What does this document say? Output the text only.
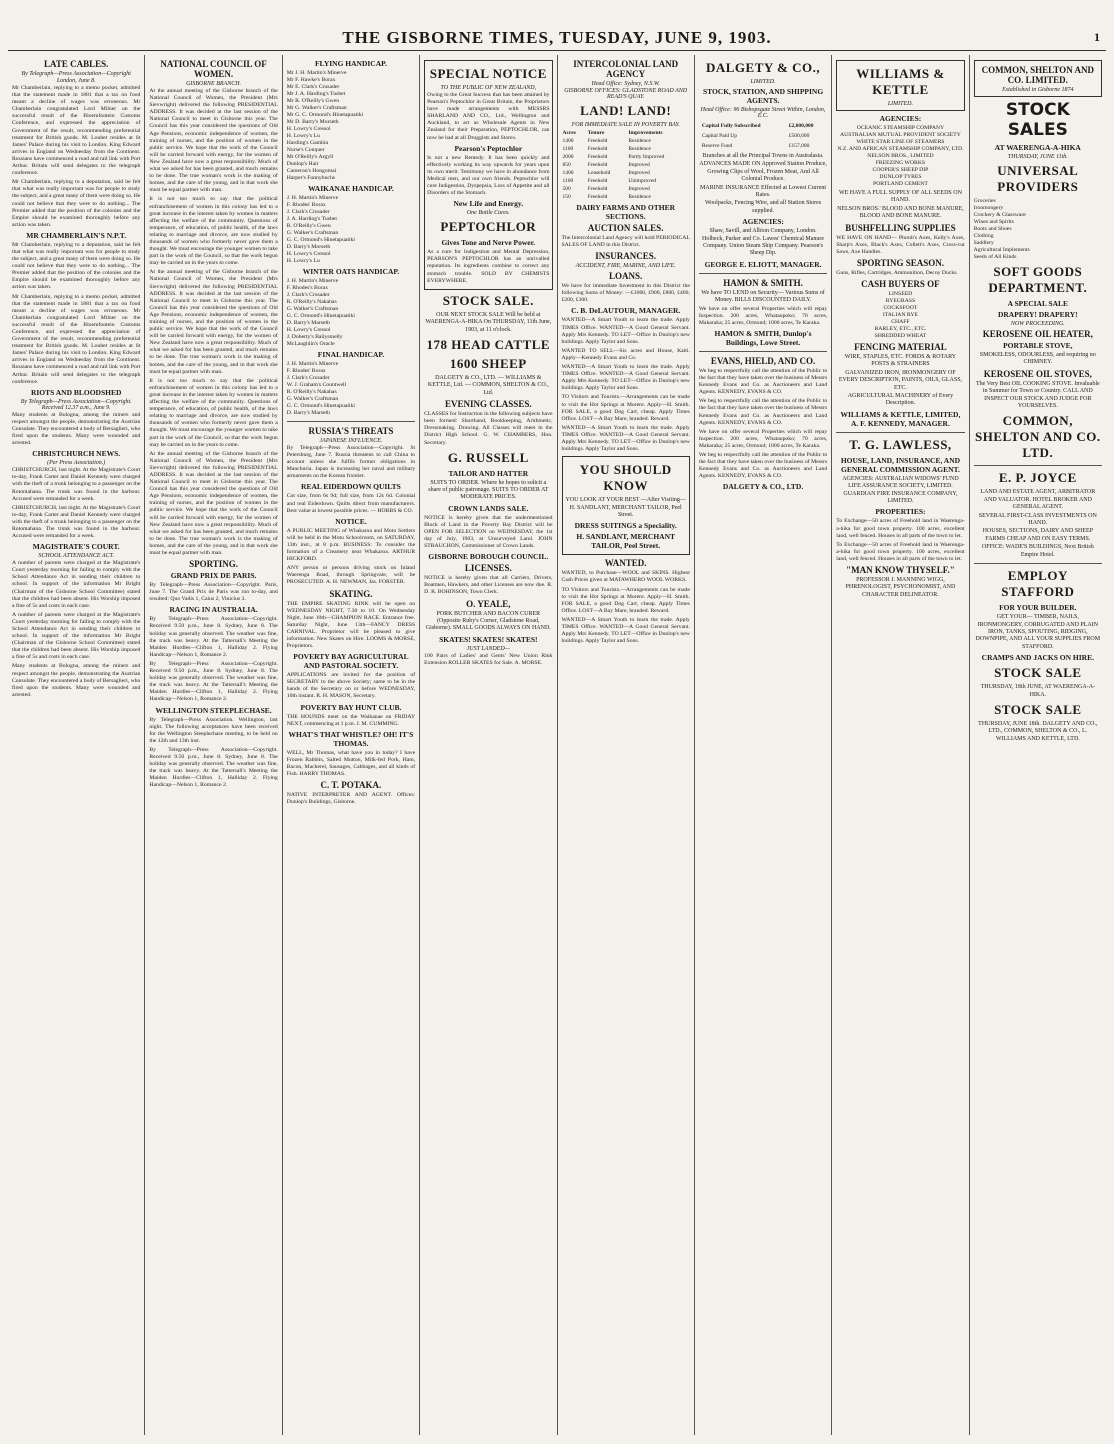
THE GISBORNE TIMES, TUESDAY, JUNE 9, 1903.	1
LATE CABLES.
By Telegraph—Press Association—Copyright
London, June 8.

Mr Chamberlain, replying to a memo pocket, admitted that the statement made in 1881 that a tax on food meant a decline of wages was erroneous. Mr Chamberlain congratulated Lord Milner on the successful result of the Bloemfontein Customs Conference, and expressed the appreciation of Government of the result, recommending preferential treatment for British goods. M. Loubet resides at St James' Palace during his visit to London. King Edward arrives in England on Wednesday from the Continent. Russians have commenced a road and rail link with Port Arthur. Britain will send delegates to the telegraph conference.

Mr Chamberlain, replying to a deputation, said he felt that what was really important was for people to study the subject, and a great many of them were doing so. He could not believe that they were to do nothing... The Premier added that the position of the colonies and the Empire should be examined thoroughly before any action was taken.

MR CHAMBERLAIN'S N.P.T.

Mr Chamberlain, replying to a deputation, said he felt that what was really important was for people to study the subject, and a great many of them were doing so. He could not believe that they were to do nothing... The Premier added that the position of the colonies and the Empire should be examined thoroughly before any action was taken.

Mr Chamberlain, replying to a memo pocket, admitted that the statement made in 1881 that a tax on food meant a decline of wages was erroneous. Mr Chamberlain congratulated Lord Milner on the successful result of the Bloemfontein Customs Conference, and expressed the appreciation of Government of the result, recommending preferential treatment for British goods. M. Loubet resides at St James' Palace during his visit to London. King Edward arrives in England on Wednesday from the Continent. Russians have commenced a road and rail link with Port Arthur. Britain will send delegates to the telegraph conference.

RIOTS AND BLOODSHED
By Telegraph—Press Association—Copyright. Received 12.37 a.m., June 9.

Many students at Bologna, among the miners and respect amongst the people, demonstrating the Austrian Consulate. They encountered a body of Bersaglieri, who fired upon the students. Many were wounded and arrested.

CHRISTCHURCH NEWS.
(Per Press Association.)

CHRISTCHURCH, last night. At the Magistrate's Court to-day, Frank Carter and Daniel Kennedy were charged with the theft of a trunk belonging to a passenger on the Rotomahana. The trunk was found in the harbour. Accused were remanded for a week.

CHRISTCHURCH, last night. At the Magistrate's Court to-day, Frank Carter and Daniel Kennedy were charged with the theft of a trunk belonging to a passenger on the Rotomahana. The trunk was found in the harbour. Accused were remanded for a week.

MAGISTRATE'S COURT.
SCHOOL ATTENDANCE ACT.

A number of parents were charged at the Magistrate's Court yesterday morning for failing to comply with the School Attendance Act in sending their children to school. In support of the information Mr Bright (Chairman of the Gisborne School Committee) stated that the children had been absent. His Worship imposed a fine of 5s and costs in each case.

A number of parents were charged at the Magistrate's Court yesterday morning for failing to comply with the School Attendance Act in sending their children to school. In support of the information Mr Bright (Chairman of the Gisborne School Committee) stated that the children had been absent. His Worship imposed a fine of 5s and costs in each case.

Many students at Bologna, among the miners and respect amongst the people, demonstrating the Austrian Consulate. They encountered a body of Bersaglieri, who fired upon the students. Many were wounded and arrested.

NATIONAL COUNCIL OF WOMEN.
GISBORNE BRANCH.

At the annual meeting of the Gisborne branch of the National Council of Women, the President (Mrs Sievwright) delivered the following PRESIDENTIAL ADDRESS. It was decided at the last session of the National Council to meet in Gisborne this year. The Council has this year considered the questions of Old Age Pensions, economic independence of women, the training of nurses, and the position of women in the public service. We hope that the work of the Council will be carried forward with energy, for the women of New Zealand have now a great responsibility. Much of what we asked for has been granted, and much remains to be done. The true woman's work is the making of homes, and the care of the young, and in that work she must be equal partner with man.

It is not too much to say that the political enfranchisement of women in this colony has led to a great increase in the interest taken by women in matters affecting the welfare of the community. Questions of temperance, of education, of public health, of the laws relating to marriage and divorce, are now studied by thousands of women who formerly never gave them a thought. We must encourage the younger women to take part in the work of the Council, so that the work begun may be carried on in the years to come.

At the annual meeting of the Gisborne branch of the National Council of Women, the President (Mrs Sievwright) delivered the following PRESIDENTIAL ADDRESS. It was decided at the last session of the National Council to meet in Gisborne this year. The Council has this year considered the questions of Old Age Pensions, economic independence of women, the training of nurses, and the position of women in the public service. We hope that the work of the Council will be carried forward with energy, for the women of New Zealand have now a great responsibility. Much of what we asked for has been granted, and much remains to be done. The true woman's work is the making of homes, and the care of the young, and in that work she must be equal partner with man.

It is not too much to say that the political enfranchisement of women in this colony has led to a great increase in the interest taken by women in matters affecting the welfare of the community. Questions of temperance, of education, of public health, of the laws relating to marriage and divorce, are now studied by thousands of women who formerly never gave them a thought. We must encourage the younger women to take part in the work of the Council, so that the work begun may be carried on in the years to come.

At the annual meeting of the Gisborne branch of the National Council of Women, the President (Mrs Sievwright) delivered the following PRESIDENTIAL ADDRESS. It was decided at the last session of the National Council to meet in Gisborne this year. The Council has this year considered the questions of Old Age Pensions, economic independence of women, the training of nurses, and the position of women in the public service. We hope that the work of the Council will be carried forward with energy, for the women of New Zealand have now a great responsibility. Much of what we asked for has been granted, and much remains to be done. The true woman's work is the making of homes, and the care of the young, and in that work she must be equal partner with man.

SPORTING.
GRAND PRIX DE PARIS.

By Telegraph—Press Association—Copyright. Paris, June 7. The Grand Prix de Paris was run to-day, and resulted: Quo Vadis 1, Caius 2, Vinicius 3.

RACING IN AUSTRALIA.

By Telegraph—Press Association—Copyright. Received 9.50 p.m., June 8. Sydney, June 8. The holiday was generally observed. The weather was fine, the track was heavy. At the Tattersall's Meeting the Maiden Hurdles—Clifton 1, Halliday 2. Flying Handicap—Nelson 1, Romance 2.

By Telegraph—Press Association—Copyright. Received 9.50 p.m., June 8. Sydney, June 8. The holiday was generally observed. The weather was fine, the track was heavy. At the Tattersall's Meeting the Maiden Hurdles—Clifton 1, Halliday 2. Flying Handicap—Nelson 1, Romance 2.

WELLINGTON STEEPLECHASE.

By Telegraph—Press Association. Wellington, last night. The following acceptances have been received for the Wellington Steeplechase meeting, to be held on the 12th and 13th inst.

By Telegraph—Press Association—Copyright. Received 9.50 p.m., June 8. Sydney, June 8. The holiday was generally observed. The weather was fine, the track was heavy. At the Tattersall's Meeting the Maiden Hurdles—Clifton 1, Halliday 2. Flying Handicap—Nelson 1, Romance 2.

FLYING HANDICAP.
Mr J. H. Martin's Minerve
Mr F. Hawke's Borax
Mr E. Clark's Crusader
Mr J. A. Harding's Tusbet
Mr R. O'Reilly's Gwen
Mr G. Walker's Craftsman
Mr G. C. Ormond's Hinetapuatiki
Mr D. Barry's Morseth
H. Lowry's Cressol
H. Lowry's Lu
Harding's Gambia
Nurse's Conquer
Mr O'Reilly's Argyll
Dunlop's Hair
Cameron's Hongomai
Harper's Funnybuchs
WAIKANAE HANDICAP.
J. H. Martin's Minerve
F. Rhodes' Borax
J. Clark's Crusader
J. A. Harding's Tusbet
R. O'Reilly's Gwen
G. Walker's Craftsman
G. C. Ormond's Hinetapuatiki
D. Barry's Morseth
H. Lowry's Cressol
H. Lowry's Lu
WINTER OATS HANDICAP.
J. H. Martin's Minerve
F. Rhodes's Borax
J. Clark's Crusader
R. O'Reilly's Nakahas
G. Walker's Craftsman
G. C. Ormond's Hinetapuatiki
D. Barry's Marseth
H. Lowry's Cressol
J. Doherty's Bailysmelly
McLaughlin's Oracle
FINAL HANDICAP.
J. H. Martin's Minerve
F. Rhodes' Borax
J. Clark's Crusader
W. J. Graham's Countwell
R. O'Reilly's Nakahas
G. Walker's Craftsman
G. C. Ormond's Hinetapuatiki
D. Barry's Marseth
RUSSIA'S THREATS
JAPANESE INFLUENCE.

By Telegraph—Press Association—Copyright. St Petersburg, June 7. Russia threatens to call China to account unless she fulfils former obligations in Manchuria. Japan is increasing her naval and military armaments on the Korean frontier.

REAL EIDERDOWN QUILTS

Cot size, from 6s 9d; full size, from 12s 6d. Colonial and real Eiderdown. Quilts direct from manufacturers. Best value at lowest possible prices. — HOBBS & CO.

NOTICE.

A PUBLIC MEETING of Whakaroa and Motu Settlers will be held in the Motu Schoolroom, on SATURDAY, 13th inst., at 8 p.m. BUSINESS: To consider the formation of a Creamery near Whakaroa. ARTHUR HICKFORD.

ANY person or persons driving stock on Inland Waerenga Road, through Springvale, will be PROSECUTED. A. H. NEWMAN, Jas. FORSTER.

SKATING.

THE EMPIRE SKATING RINK will be open on WEDNESDAY NIGHT, 7.30 to 10. On Wednesday Night, June 10th—CHAMPION RACE. Entrance free. Saturday Night, June 13th—FANCY DRESS CARNIVAL. Proprietor will be pleased to give information. New Skates on Hire. LOOMS & MORSE, Proprietors.

POVERTY BAY AGRICULTURAL AND PASTORAL SOCIETY.

APPLICATIONS are invited for the position of SECRETARY to the above Society; same to be in the hands of the Secretary on or before WEDNESDAY, 10th instant. R. H. MASON, Secretary.

POVERTY BAY HUNT CLUB.

THE HOUNDS meet on the Waikanae on FRIDAY NEXT, commencing at 1 p.m. J. M. CUMMING.

WHAT'S THAT WHISTLE? OH! IT'S THOMAS.

WELL, Mr Thomas, what have you in today? I have Frozen Rabbits, Salted Mutton, Milk-fed Pork, Ham, Bacon, Mackerel, Sausages, Cabbages, and all kinds of Fish. HARRY THOMAS.

C. T. POTAKA.

NATIVE INTERPRETER AND AGENT. Offices: Dunlop's Buildings, Gisborne.

SPECIAL NOTICE
TO THE PUBLIC OF NEW ZEALAND,

Owing to the Great Success that has been attained by Pearson's Peptochlor in Great Britain, the Proprietors have made arrangements with MESSRS SHARLAND AND CO., Ltd., Wellington and Auckland, to act as Wholesale Agents in New Zealand for their Preparation, PEPTOCHLOR, can now be had at all Druggists and Stores.

Pearson's Peptochlor

Is not a new Remedy. It has been quickly and effectively working its way upwards for years upon its own merit. Testimony we have in abundance from Medical men, and our own friends. Peptochlor will cure Indigestion, Dyspepsia, Loss of Appetite and all Disorders of the Stomach.

New Life and Energy.
One Bottle Cures.
PEPTOCHLOR
Gives Tone and Nerve Power.

As a cure for Indigestion and Mental Depression, PEARSON'S PEPTOCHLOR has an unrivalled reputation. Its ingredients combine to correct any stomach trouble. SOLD BY CHEMISTS EVERYWHERE.

STOCK SALE.

OUR NEXT STOCK SALE Will be held at WAERENGA-A-HIKA On THURSDAY, 11th June, 1903, at 11 o'clock.

178 HEAD CATTLE
1600 SHEEP

DALGETY & CO., LTD. — WILLIAMS & KETTLE, Ltd. — COMMON, SHELTON & CO., Ltd.

EVENING CLASSES.

CLASSES for Instruction in the following subjects have been formed: Shorthand, Bookkeeping, Arithmetic, Dressmaking, Drawing. All Classes will meet in the District High School. G. W. CHAMBERS, Hon. Secretary.

G. RUSSELL
TAILOR AND HATTER

SUITS TO ORDER. Where he hopes to solicit a share of public patronage. SUITS TO ORDER AT MODERATE PRICES.

CROWN LANDS SALE.

NOTICE is hereby given that the undermentioned Block of Land in the Poverty Bay District will be OPEN FOR SELECTION on WEDNESDAY, the 1st day of July, 1903, at Unsurveyed Land. JOHN STRAUCHON, Commissioner of Crown Lands.

GISBORNE BOROUGH COUNCIL.
LICENSES.

NOTICE is hereby given that all Carriers, Drivers, Boatmen, Hawkers, and other Licenses are now due. R. D. R. BOHINSON, Town Clerk.

O. YEALE,

PORK BUTCHER AND BACON CURER (Opposite Ruby's Corner, Gladstone Road, Gisborne). SMALL GOODS ALWAYS ON HAND.

SKATES! SKATES! SKATES!
JUST LANDED—

100 Pairs of Ladies' and Gents' New Union Rink Extension ROLLER SKATES for Sale. A. MORSE.

INTERCOLONIAL LAND AGENCY
Head Office: Sydney, N.S.W.
GISBORNE OFFICES: GLADSTONE ROAD AND READ'S QUAY.
LAND! LAND!
FOR IMMEDIATE SALE IN POVERTY BAY.
Acres	Tenure	Improvements
1400	Freehold	Residence
1100	Freehold	Residence
2000	Freehold	Partly Improved
850	Freehold	Improved
1400	Leasehold	Improved
1100	Freehold	Unimproved
500	Freehold	Improved
150	Freehold	Residence
DAIRY FARMS AND OTHER SECTIONS.
AUCTION SALES.

The Intercolonial Land Agency will hold PERIODICAL SALES OF LAND in this District.

INSURANCES.
ACCIDENT, FIRE, MARINE, AND LIFE.
LOANS.

We have for immediate Investment in this District the following Sums of Money: —£1000, £900, £800, £400, £200, £300.

C. B. DeLAUTOUR, MANAGER.

WANTED—A Smart Youth to learn the trade. Apply TIMES Office. WANTED—A Good General Servant. Apply Mrs Kennedy. TO LET—Office in Dunlop's new buildings. Apply Taylor and Sons.

WANTED TO SELL—Six acres and House, Kaiti. Apply—Kennedy Evans and Co.

WANTED—A Smart Youth to learn the trade. Apply TIMES Office. WANTED—A Good General Servant. Apply Mrs Kennedy. TO LET—Office in Dunlop's new buildings. Apply Taylor and Sons.

TO Visitors and Tourists.—Arrangements can be made to visit the Hot Springs at Morere. Apply—H. Smith. FOR SALE, a good Dog Cart, cheap. Apply Times Office. LOST—A Bay Mare, branded. Reward.

WANTED—A Smart Youth to learn the trade. Apply TIMES Office. WANTED—A Good General Servant. Apply Mrs Kennedy. TO LET—Office in Dunlop's new buildings. Apply Taylor and Sons.

YOU SHOULD KNOW

YOU LOOK AT YOUR BEST —After Visiting— H. SANDLANT, MERCHANT TAILOR, Peel Street.

DRESS SUITINGS a Speciality.
H. SANDLANT, MERCHANT TAILOR, Peel Street.
WANTED.

WANTED, to Purchase—WOOL and SKINS. Highest Cash Prices given at MATAWHERO WOOL WORKS.

TO Visitors and Tourists.—Arrangements can be made to visit the Hot Springs at Morere. Apply—H. Smith. FOR SALE, a good Dog Cart, cheap. Apply Times Office. LOST—A Bay Mare, branded. Reward.

WANTED—A Smart Youth to learn the trade. Apply TIMES Office. WANTED—A Good General Servant. Apply Mrs Kennedy. TO LET—Office in Dunlop's new buildings. Apply Taylor and Sons.

DALGETY & CO.,
LIMITED.
STOCK, STATION, AND SHIPPING AGENTS.
Head Office: 96 Bishopsgate Street Within, London, E.C.
Capital Fully Subscribed	£2,000,000
Capital Paid Up	£500,000
Reserve Fund	£157,000

Branches at all the Principal Towns in Australasia.

ADVANCES MADE ON Approved Station Produce, Growing Clips of Wool, Frozen Meat, And All Colonial Produce.

MARINE INSURANCE Effected at Lowest Current Rates.

Woolpacks, Fencing Wire, and all Station Stores supplied.

AGENCIES:

Shaw, Savill, and Albion Company, London. Holbeck, Parker and Co. Lawes' Chemical Manure Company. Union Steam Ship Company. Pearson's Sheep Dip.

GEORGE E. ELIOTT, MANAGER.
HAMON & SMITH.

We have TO LEND on Security— Various Sums of Money. BILLS DISCOUNTED DAILY.

We have on offer several Properties which will repay Inspection. 200 acres, Whataupoko; 70 acres, Makaraka; 25 acres, Ormond; 1000 acres, Te Karaka.

HAMON & SMITH, Dunlop's Buildings, Lowe Street.
EVANS, HIELD, AND CO.

We beg to respectfully call the attention of the Public to the fact that they have taken over the business of Messrs Kennedy Evans and Co. as Auctioneers and Land Agents. KENNEDY, EVANS & CO.

We beg to respectfully call the attention of the Public to the fact that they have taken over the business of Messrs Kennedy Evans and Co. as Auctioneers and Land Agents. KENNEDY, EVANS & CO.

We have on offer several Properties which will repay Inspection. 200 acres, Whataupoko; 70 acres, Makaraka; 25 acres, Ormond; 1000 acres, Te Karaka.

We beg to respectfully call the attention of the Public to the fact that they have taken over the business of Messrs Kennedy Evans and Co. as Auctioneers and Land Agents. KENNEDY, EVANS & CO.

DALGETY & CO., LTD.
WILLIAMS & KETTLE
LIMITED.
AGENCIES:
OCEANIC STEAMSHIP COMPANY
AUSTRALIAN MUTUAL PROVIDENT SOCIETY
WHITE STAR LINE OF STEAMERS
N.Z. AND AFRICAN STEAMSHIP COMPANY, LTD.
NELSON BROS., LIMITED
FREEZING WORKS
COOPER'S SHEEP DIP
DUNLOP TYRES
PORTLAND CEMENT

WE HAVE A FULL SUPPLY OF ALL SEEDS ON HAND.

NELSON BROS.' BLOOD AND BONE MANURE, BLOOD AND BONE MANURE.

BUSHFELLING SUPPLIES

WE HAVE ON HAND— Plumb's Axes, Kelly's Axes, Sharp's Axes, Black's Axes, Collett's Axes, Cross-cut Saws, Axe Handles.

SPORTING SEASON.

Guns, Rifles, Cartridges, Ammunition, Decoy Ducks.

CASH BUYERS OF
LINSEED
RYEGRASS
COCKSFOOT
ITALIAN RYE
CHAFF
BARLEY, ETC., ETC.
SHREDDED WHEAT
FENCING MATERIAL

WIRE, STAPLES, ETC. FORDS & ROTARY POSTS & STRAINERS

GALVANIZED IRON, IRONMONGERY OF EVERY DESCRIPTION, PAINTS, OILS, GLASS, ETC.

AGRICULTURAL MACHINERY of Every Description.

WILLIAMS & KETTLE, LIMITED, A. F. KENNEDY, MANAGER.
T. G. LAWLESS,
HOUSE, LAND, INSURANCE, AND GENERAL COMMISSION AGENT.

AGENCIES: AUSTRALIAN WIDOWS' FUND LIFE ASSURANCE SOCIETY, LIMITED. GUARDIAN FIRE INSURANCE COMPANY, LIMITED.

PROPERTIES:

To Exchange—50 acres of Freehold land in Waerenga-a-hika for good town property. 100 acres, excellent land, well fenced. Houses in all parts of the town to let.

To Exchange—50 acres of Freehold land in Waerenga-a-hika for good town property. 100 acres, excellent land, well fenced. Houses in all parts of the town to let.

"MAN KNOW THYSELF."

PROFESSOR J. MANNING WIGG, PHRENOLOGIST, PSYCHONOMIST, AND CHARACTER DELINEATOR.

COMMON, SHELTON AND CO. LIMITED.
Established in Gisborne 1874
STOCK SALES
AT WAERENGA-A-HIKA
THURSDAY, JUNE 11th.
UNIVERSAL PROVIDERS
Groceries
Ironmongery
Crockery & Glassware
Wines and Spirits
Boots and Shoes
Clothing
Saddlery
Agricultural Implements
Seeds of All Kinds
SOFT GOODS DEPARTMENT.
A SPECIAL SALE
DRAPERY! DRAPERY!
NOW PROCEEDING.
KEROSENE OIL HEATER,
PORTABLE STOVE,

SMOKELESS, ODOURLESS, and requiring no CHIMNEY.

KEROSENE OIL STOVES,

The Very Best OIL COOKING STOVE. Invaluable in Summer for Town or Country. CALL AND INSPECT OUR STOCK AND JUDGE FOR YOURSELVES.

COMMON, SHELTON AND CO. LTD.
E. P. JOYCE

LAND AND ESTATE AGENT, ARBITRATOR AND VALUATOR. HOTEL BROKER AND GENERAL AGENT.

SEVERAL FIRST-CLASS INVESTMENTS ON HAND.

HOUSES, SECTIONS, DAIRY AND SHEEP FARMS CHEAP AND ON EASY TERMS.

OFFICE: WADE'S BUILDINGS, Next British Empire Hotel.

EMPLOY STAFFORD
FOR YOUR BUILDER.

GET YOUR— TIMBER, NAILS, IRONMONGERY, CORRUGATED AND PLAIN IRON, TANKS, SPOUTING, RIDGING, DOWNPIPE, AND ALL YOUR SUPPLIES FROM STAFFORD.

CRAMPS AND JACKS ON HIRE.
STOCK SALE

THURSDAY, 18th JUNE, AT WAERENGA-A-HIKA.

STOCK SALE

THURSDAY, JUNE 18th. DALGETY AND CO., LTD., COMMON, SHELTON & CO., L. WILLIAMS AND KETTLE, LTD.
